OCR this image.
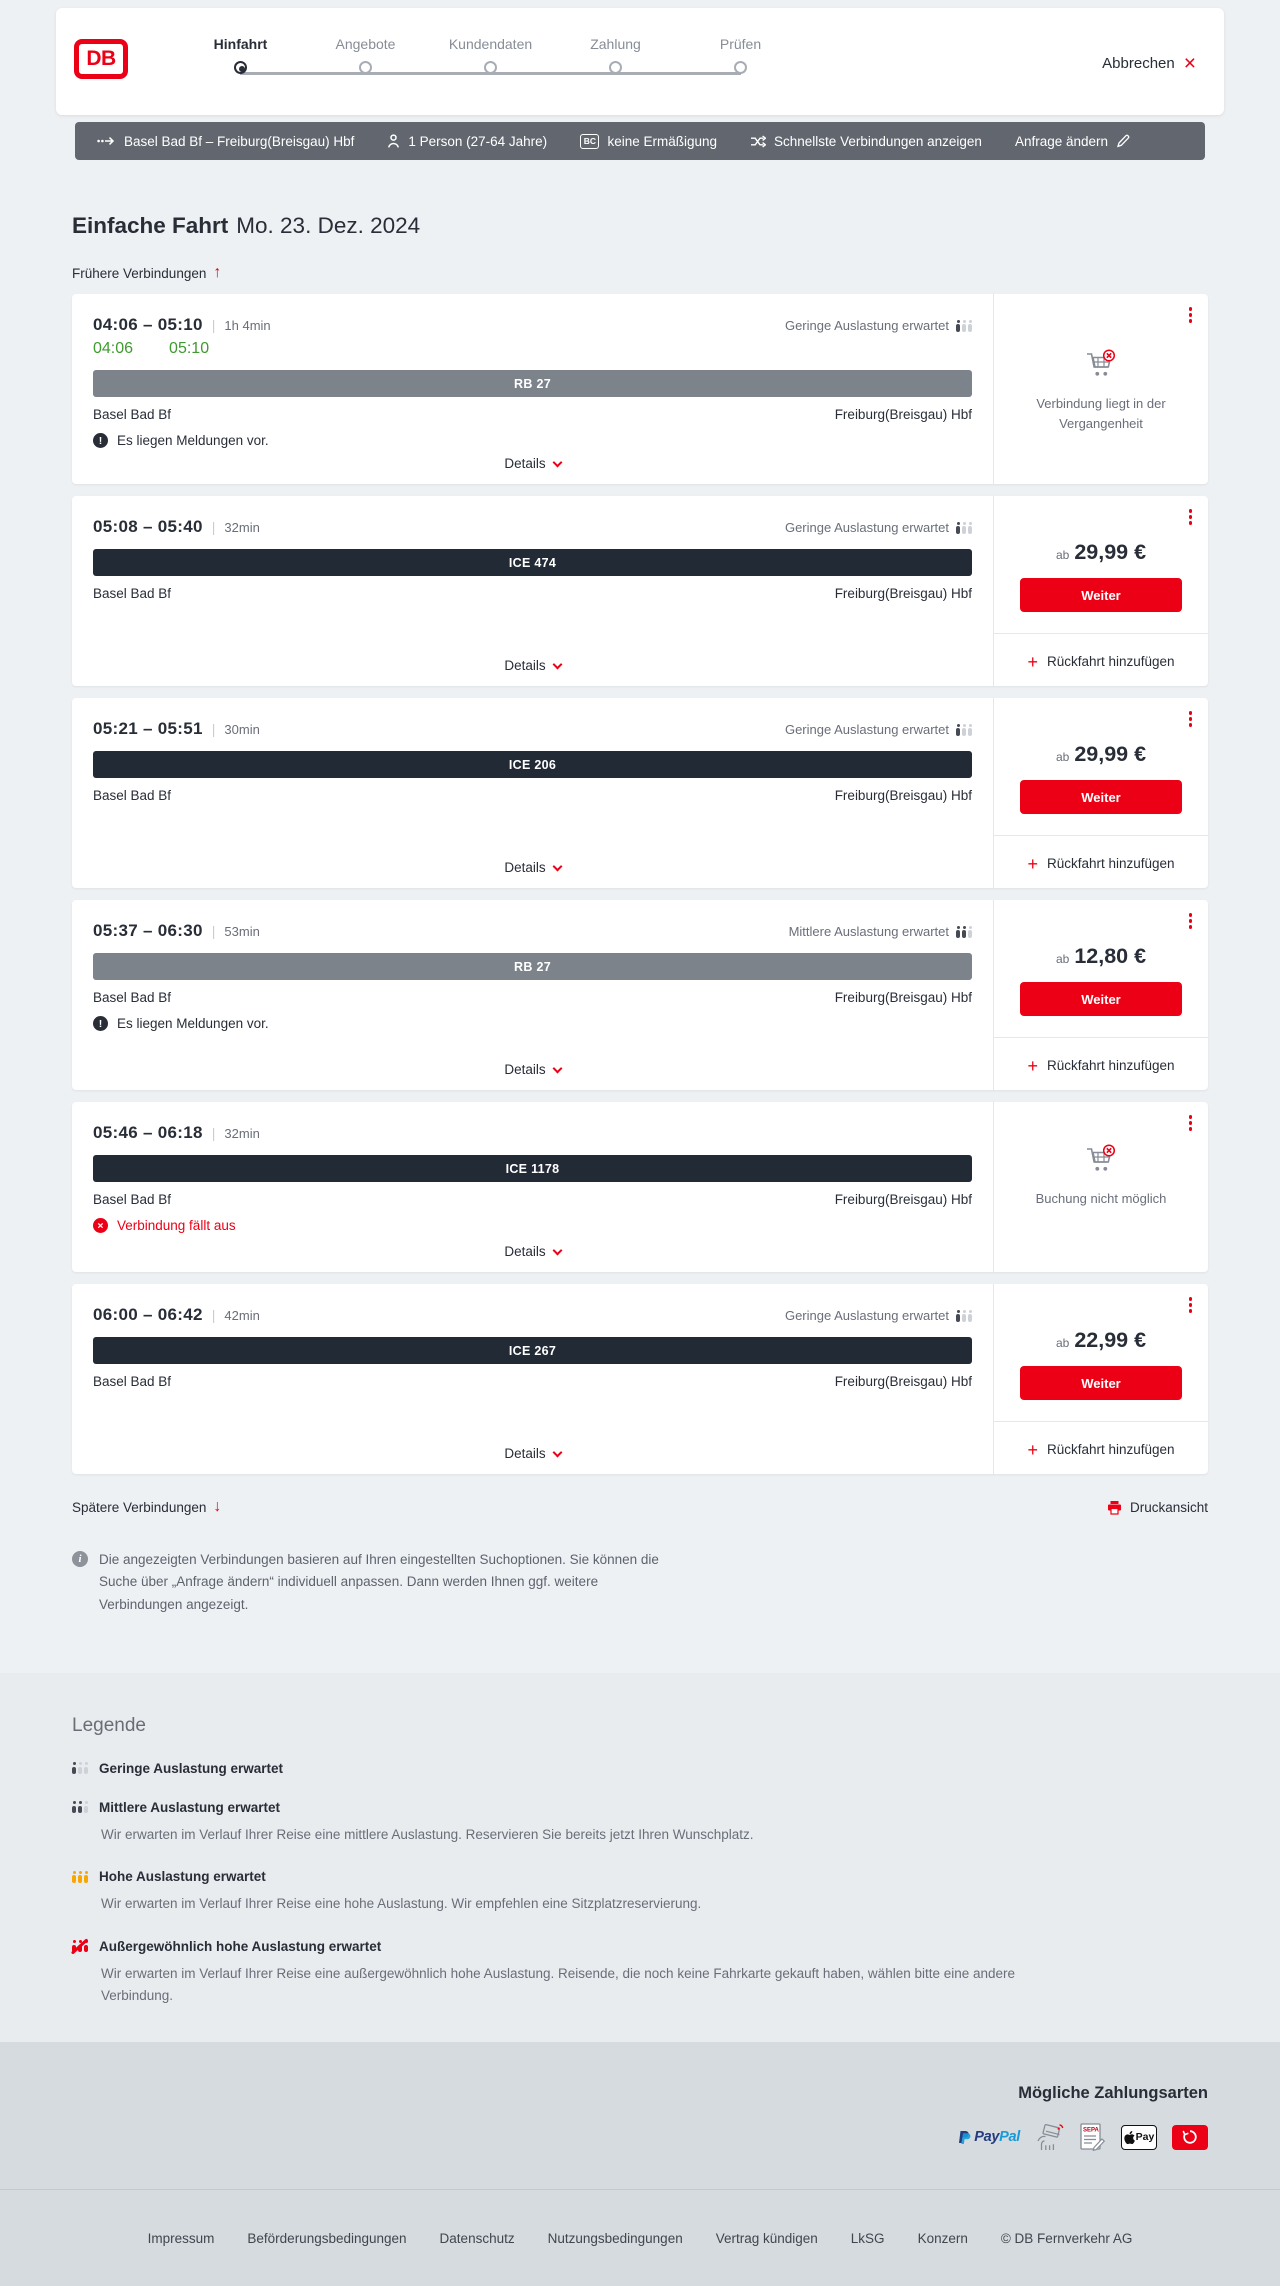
DB
Hinfahrt	Angebote	Kundendaten	Zahlung	Prüfen
Abbrechen ×
Basel Bad Bf – Freiburg(Breisgau) Hbf	1 Person (27-64 Jahre)	BC keine Ermäßigung	Schnellste Verbindungen anzeigen Anfrage ändern
Einfache Fahrt Mo. 23. Dez. 2024
Frühere Verbindungen ↑
04:06 – 05:10 | 1h 4min	Geringe Auslastung erwartet
04:06 05:10
RB 27
Basel Bad Bf	Freiburg(Breisgau) Hbf
!	Es liegen Meldungen vor.
Details
Verbindung liegt in der Vergangenheit
05:08 – 05:40 | 32min	Geringe Auslastung erwartet
ICE 474
Basel Bad Bf	Freiburg(Breisgau) Hbf
Details
ab 29,99 €
Weiter
+ Rückfahrt hinzufügen
05:21 – 05:51 | 30min	Geringe Auslastung erwartet
ICE 206
Basel Bad Bf	Freiburg(Breisgau) Hbf
Details
ab 29,99 €
Weiter
+ Rückfahrt hinzufügen
05:37 – 06:30 | 53min	Mittlere Auslastung erwartet
RB 27
Basel Bad Bf	Freiburg(Breisgau) Hbf
!	Es liegen Meldungen vor.
Details
ab 12,80 €
Weiter
+ Rückfahrt hinzufügen
05:46 – 06:18 | 32min
ICE 1178
Basel Bad Bf	Freiburg(Breisgau) Hbf
× Verbindung fällt aus
Details
Buchung nicht möglich
06:00 – 06:42 | 42min	Geringe Auslastung erwartet
ICE 267
Basel Bad Bf	Freiburg(Breisgau) Hbf
Details
ab 22,99 €
Weiter
+ Rückfahrt hinzufügen
Spätere Verbindungen ↓	Druckansicht
i	Die angezeigten Verbindungen basieren auf Ihren eingestellten Suchoptionen. Sie können die Suche über „Anfrage ändern“ individuell anpassen. Dann werden Ihnen ggf. weitere Verbindungen angezeigt.
Legende
Geringe Auslastung erwartet
Mittlere Auslastung erwartet
Wir erwarten im Verlauf Ihrer Reise eine mittlere Auslastung. Reservieren Sie bereits jetzt Ihren Wunschplatz.
Hohe Auslastung erwartet
Wir erwarten im Verlauf Ihrer Reise eine hohe Auslastung. Wir empfehlen eine Sitzplatzreservierung.
Außergewöhnlich hohe Auslastung erwartet
Wir erwarten im Verlauf Ihrer Reise eine außergewöhnlich hohe Auslastung. Reisende, die noch keine Fahrkarte gekauft haben, wählen bitte eine andere Verbindung.
Mögliche Zahlungsarten
PayPal	SEPA
Pay
Impressum Beförderungsbedingungen Datenschutz Nutzungsbedingungen Vertrag kündigen LkSG Konzern © DB Fernverkehr AG
